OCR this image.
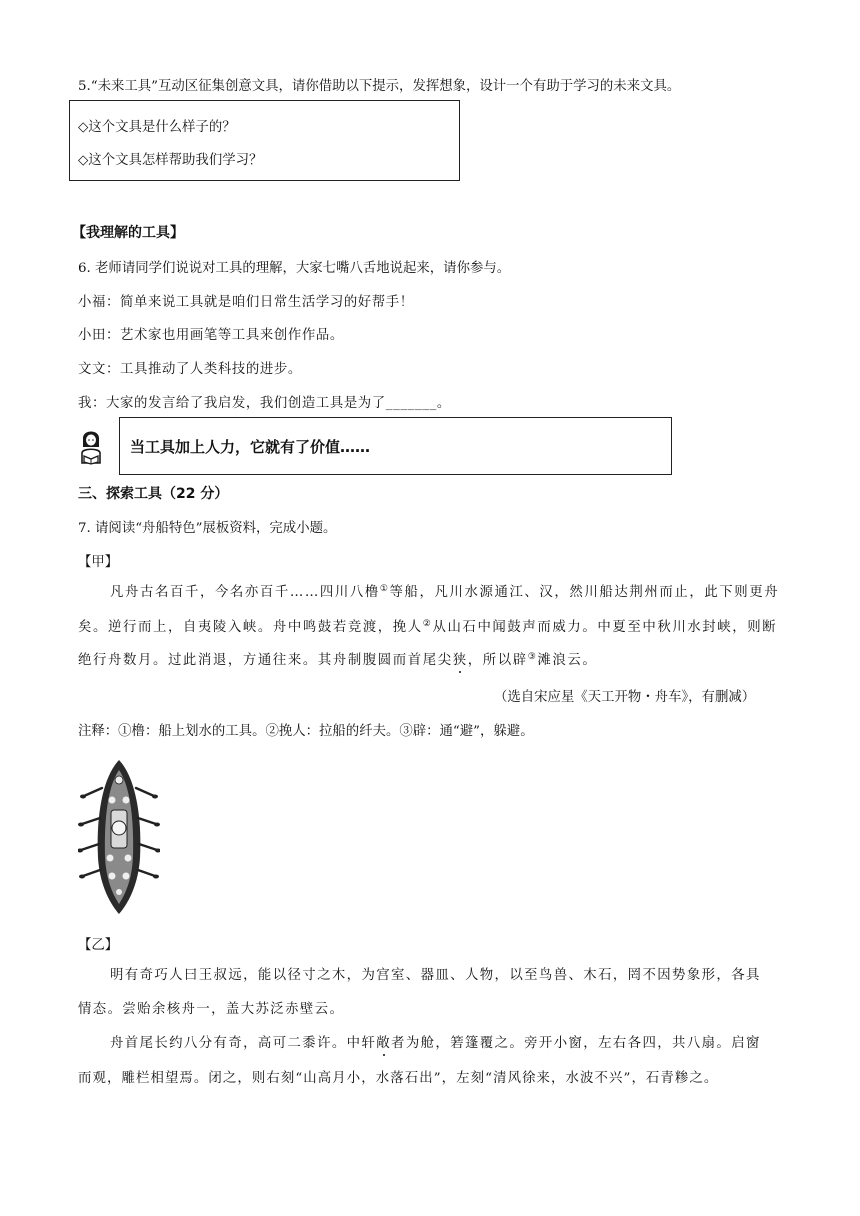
5.“未来工具”互动区征集创意文具，请你借助以下提示，发挥想象，设计一个有助于学习的未来文具。
◇这个文具是什么样子的？
◇这个文具怎样帮助我们学习？
【我理解的工具】
6. 老师请同学们说说对工具的理解，大家七嘴八舌地说起来，请你参与。
小福：简单来说工具就是咱们日常生活学习的好帮手！
小田：艺术家也用画笔等工具来创作作品。
文文：工具推动了人类科技的进步。
我：大家的发言给了我启发，我们创造工具是为了_______。
当工具加上人力，它就有了价值……
三、探索工具（22 分）
7. 请阅读“舟船特色”展板资料，完成小题。
【甲】
凡舟古名百千，今名亦百千……四川八橹①等船，凡川水源通江、汉，然川船达荆州而止，此下则更舟
矣。逆行而上，自夷陵入峡。舟中鸣鼓若竞渡，挽人②从山石中闻鼓声而威力。中夏至中秋川水封峡，则断
绝行舟数月。过此消退，方通往来。其舟制腹圆而首尾尖狭，所以辟③滩浪云。
（选自宋应星《天工开物・舟车》，有删减）
注释：①橹：船上划水的工具。②挽人：拉船的纤夫。③辟：通“避”，躲避。
【乙】
明有奇巧人曰王叔远，能以径寸之木，为宫室、器皿、人物，以至鸟兽、木石，罔不因势象形，各具
情态。尝贻余核舟一，盖大苏泛赤壁云。
舟首尾长约八分有奇，高可二黍许。中轩敞者为舱，箬篷覆之。旁开小窗，左右各四，共八扇。启窗
而观，雕栏相望焉。闭之，则右刻“山高月小，水落石出”，左刻“清风徐来，水波不兴”，石青糁之。
